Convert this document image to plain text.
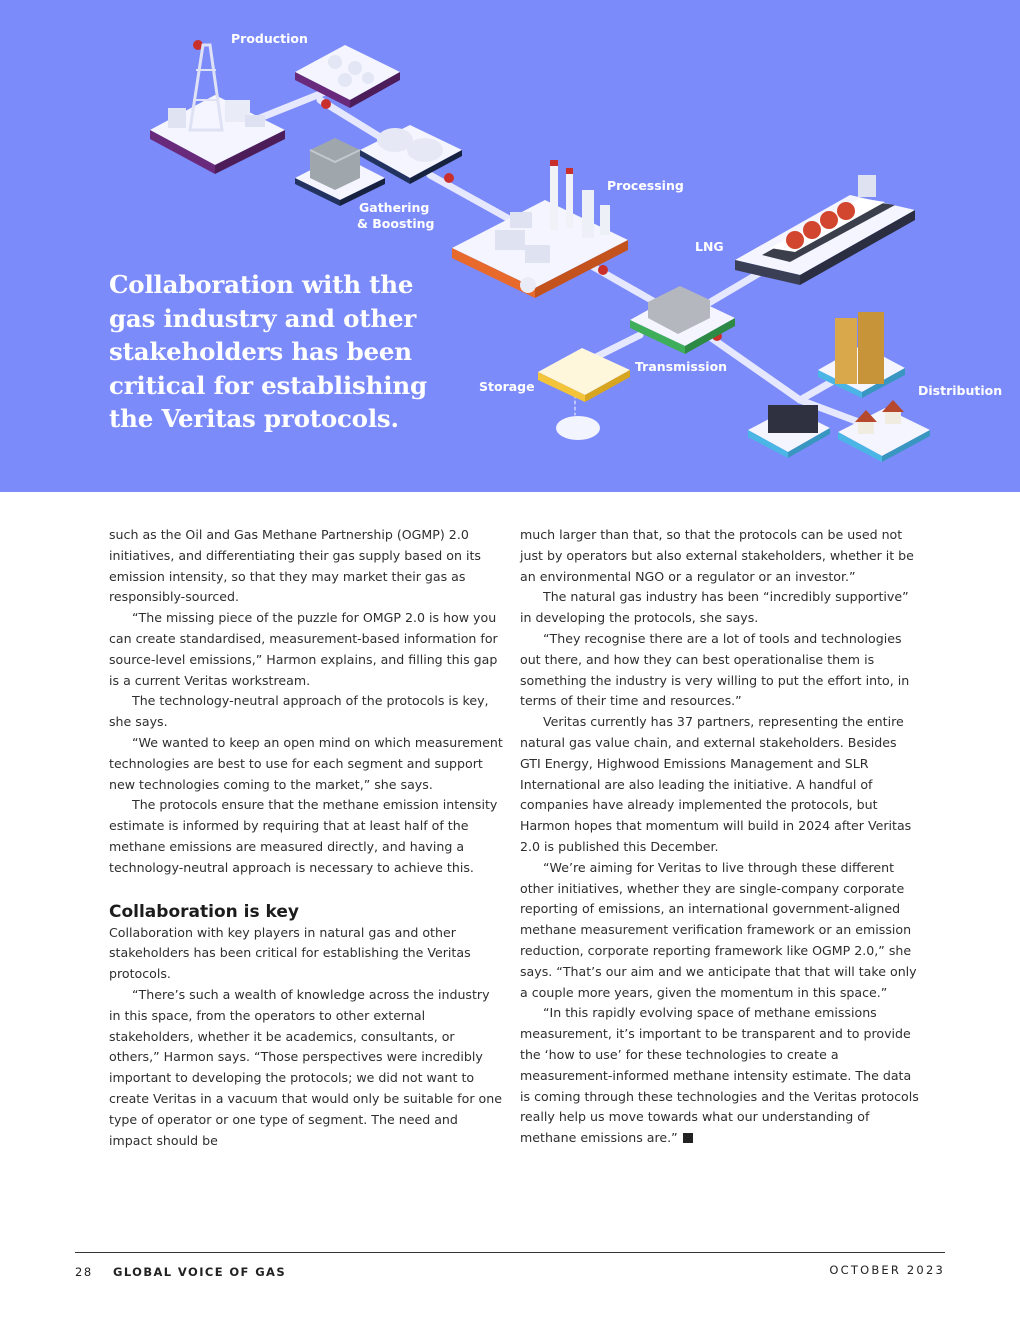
Production
Gathering
& Boosting
Processing
LNG
Transmission
Storage	Distribution

Collaboration with the gas industry and other stakeholders has been critical for establishing the Veritas protocols.

such as the Oil and Gas Methane Partnership (OGMP) 2.0 initiatives, and differentiating their gas supply based on its emission intensity, so that they may market their gas as responsibly-sourced.

“The missing piece of the puzzle for OMGP 2.0 is how you can create standardised, measurement-based information for source-level emissions,” Harmon explains, and filling this gap is a current Veritas workstream.

The technology-neutral approach of the protocols is key, she says.

“We wanted to keep an open mind on which measurement technologies are best to use for each segment and support new technologies coming to the market,” she says.

The protocols ensure that the methane emission intensity estimate is informed by requiring that at least half of the methane emissions are measured directly, and having a technology-neutral approach is necessary to achieve this.

Collaboration is key

Collaboration with key players in natural gas and other stakeholders has been critical for establishing the Veritas protocols.

“There’s such a wealth of knowledge across the industry in this space, from the operators to other external stakeholders, whether it be academics, consultants, or others,” Harmon says. “Those perspectives were incredibly important to developing the protocols; we did not want to create Veritas in a vacuum that would only be suitable for one type of operator or one type of segment. The need and impact should be

much larger than that, so that the protocols can be used not just by operators but also external stakeholders, whether it be an environmental NGO or a regulator or an investor.”

The natural gas industry has been “incredibly supportive” in developing the protocols, she says.

“They recognise there are a lot of tools and technologies out there, and how they can best operationalise them is something the industry is very willing to put the effort into, in terms of their time and resources.”

Veritas currently has 37 partners, representing the entire natural gas value chain, and external stakeholders. Besides GTI Energy, Highwood Emissions Management and SLR International are also leading the initiative. A handful of companies have already implemented the protocols, but Harmon hopes that momentum will build in 2024 after Veritas 2.0 is published this December.

“We’re aiming for Veritas to live through these different other initiatives, whether they are single-company corporate reporting of emissions, an international government-aligned methane measurement verification framework or an emission reduction, corporate reporting framework like OGMP 2.0,” she says. “That’s our aim and we anticipate that that will take only a couple more years, given the momentum in this space.”

“In this rapidly evolving space of methane emissions measurement, it’s important to be transparent and to provide the ‘how to use’ for these technologies to create a measurement-informed methane intensity estimate. The data is coming through these technologies and the Veritas protocols really help us move towards what our understanding of methane emissions are.”

28 GLOBAL VOICE OF GAS	OCTOBER 2023
